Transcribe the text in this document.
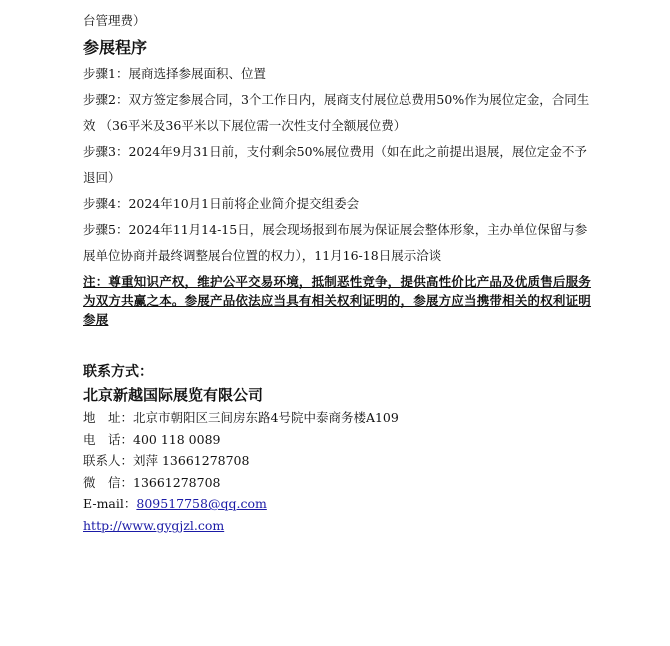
台管理费）
参展程序
步骤1：展商选择参展面积、位置
步骤2：双方签定参展合同，3个工作日内，展商支付展位总费用50%作为展位定金，合同生效 （36平米及36平米以下展位需一次性支付全额展位费）
步骤3：2024年9月31日前，支付剩余50%展位费用（如在此之前提出退展，展位定金不予退回）
步骤4：2024年10月1日前将企业简介提交组委会
步骤5：2024年11月14-15日，展会现场报到布展为保证展会整体形象，主办单位保留与参展单位协商并最终调整展台位置的权力），11月16-18日展示洽谈
注：尊重知识产权，维护公平交易环境，抵制恶性竞争，提供高性价比产品及优质售后服务为双方共赢之本。参展产品依法应当具有相关权利证明的，参展方应当携带相关的权利证明参展
联系方式：
北京新越国际展览有限公司
地　址：北京市朝阳区三间房东路4号院中泰商务楼A109
电　话：400 118 0089
联系人：刘萍 13661278708
微　信：13661278708
E-mail：809517758@qq.com
http://www.gygjzl.com
